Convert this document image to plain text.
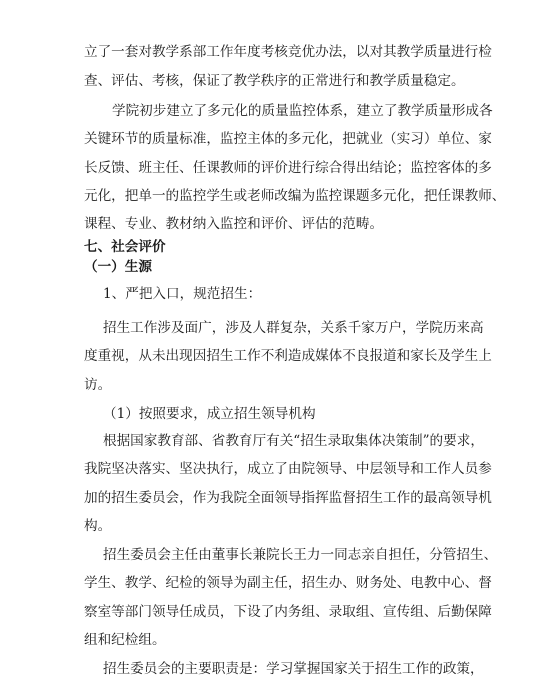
立了一套对教学系部工作年度考核竞优办法，以对其教学质量进行检

查、评估、考核，保证了教学秩序的正常进行和教学质量稳定。

学院初步建立了多元化的质量监控体系，建立了教学质量形成各

关键环节的质量标准，监控主体的多元化，把就业（实习）单位、家

长反馈、班主任、任课教师的评价进行综合得出结论；监控客体的多

元化，把单一的监控学生或老师改编为监控课题多元化，把任课教师、

课程、专业、教材纳入监控和评价、评估的范畴。

七、社会评价

（一）生源

1、严把入口，规范招生：

招生工作涉及面广，涉及人群复杂，关系千家万户，学院历来高

度重视，从未出现因招生工作不利造成媒体不良报道和家长及学生上

访。

（1）按照要求，成立招生领导机构

根据国家教育部、省教育厅有关“招生录取集体决策制”的要求，

我院坚决落实、坚决执行，成立了由院领导、中层领导和工作人员参

加的招生委员会，作为我院全面领导指挥监督招生工作的最高领导机

构。

招生委员会主任由董事长兼院长王力一同志亲自担任，分管招生、

学生、教学、纪检的领导为副主任，招生办、财务处、电教中心、督

察室等部门领导任成员，下设了内务组、录取组、宣传组、后勤保障

组和纪检组。

招生委员会的主要职责是：学习掌握国家关于招生工作的政策，
